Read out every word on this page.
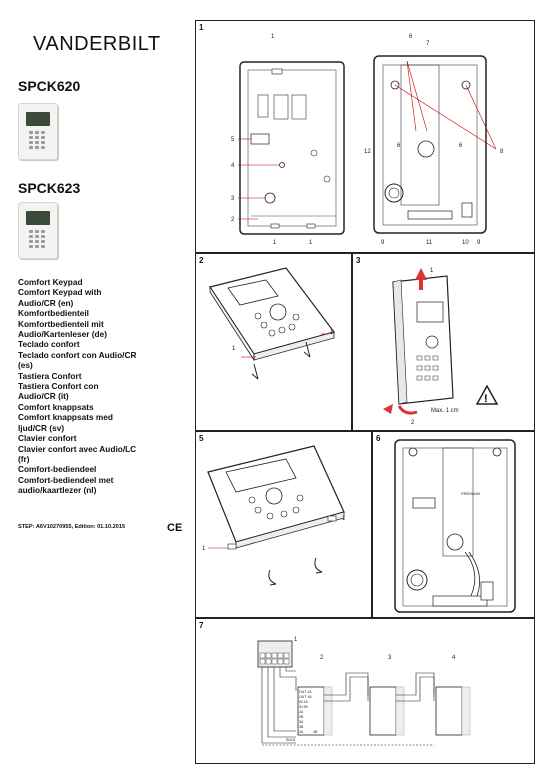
VANDERBILT
SPCK620
SPCK623
Comfort Keypad
Comfort Keypad with
Audio/CR (en)
Komfortbedienteil
Komfortbedienteil mit
Audio/Kartenleser (de)
Teclado confort
Teclado confort con Audio/CR
(es)
Tastiera Confort
Tastiera Confort con
Audio/CR (it)
Comfort knappsats
Comfort knappsats med
ljud/CR (sv)
Clavier confort
Clavier confort avec Audio/LC
(fr)
Comfort-bediendeel
Comfort-bediendeel met
audio/kaartlezer (nl)
STEP: A6V10270955, Edition: 01.10.2015	CE
1
1
5
4
3
2
1	1
6
7
12
6	6
8
9	11	10 9
2
1
1
3
!
1
Max. 1 cm
2
5
1
1
6
PREMIUM
7
OUT 1A
OUT 1B
IN 2A
IN 2B
2A
2B
3A
3B
4A	4B
SHLD
1
2	3	4
